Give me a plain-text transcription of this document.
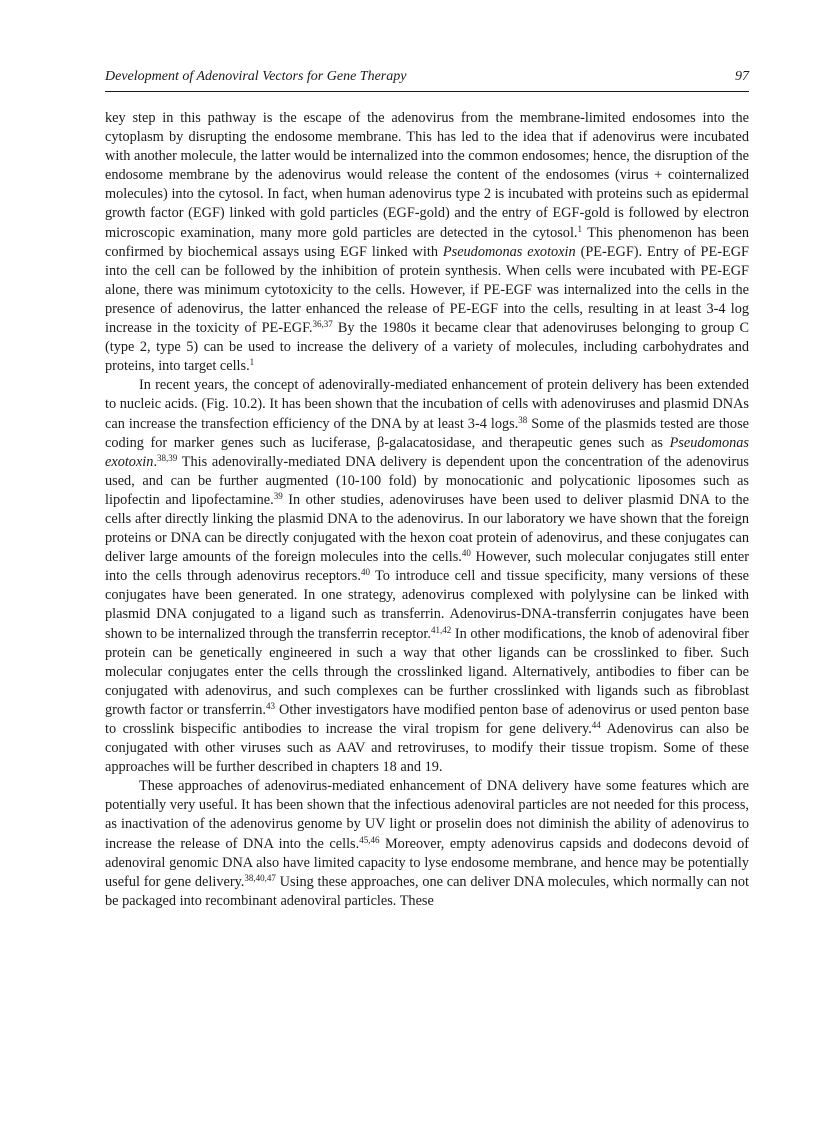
Development of Adenoviral Vectors for Gene Therapy	97

key step in this pathway is the escape of the adenovirus from the membrane-limited endosomes into the cytoplasm by disrupting the endosome membrane. This has led to the idea that if adenovirus were incubated with another molecule, the latter would be internalized into the common endosomes; hence, the disruption of the endosome membrane by the adenovirus would release the content of the endosomes (virus + cointernalized molecules) into the cytosol. In fact, when human adenovirus type 2 is incubated with proteins such as epidermal growth factor (EGF) linked with gold particles (EGF-gold) and the entry of EGF-gold is followed by electron microscopic examination, many more gold particles are detected in the cytosol.$^1$ This phenomenon has been confirmed by biochemical assays using EGF linked with Pseudomonas exotoxin (PE-EGF). Entry of PE-EGF into the cell can be followed by the inhibition of protein synthesis. When cells were incubated with PE-EGF alone, there was minimum cytotoxicity to the cells. However, if PE-EGF was internalized into the cells in the presence of adenovirus, the latter enhanced the release of PE-EGF into the cells, resulting in at least 3-4 log increase in the toxicity of PE-EGF.$^{36,37}$ By the 1980s it became clear that adenoviruses belonging to group C (type 2, type 5) can be used to increase the delivery of a variety of molecules, including carbohydrates and proteins, into target cells.$^1$

In recent years, the concept of adenovirally-mediated enhancement of protein delivery has been extended to nucleic acids. (Fig. 10.2). It has been shown that the incubation of cells with adenoviruses and plasmid DNAs can increase the transfection efficiency of the DNA by at least 3-4 logs.$^{38}$ Some of the plasmids tested are those coding for marker genes such as luciferase, β-galacatosidase, and therapeutic genes such as Pseudomonas exotoxin.$^{38,39}$ This adenovirally-mediated DNA delivery is dependent upon the concentration of the adenovirus used, and can be further augmented (10-100 fold) by monocationic and polycationic liposomes such as lipofectin and lipofectamine.$^{39}$ In other studies, adenoviruses have been used to deliver plasmid DNA to the cells after directly linking the plasmid DNA to the adenovirus. In our laboratory we have shown that the foreign proteins or DNA can be directly conjugated with the hexon coat protein of adenovirus, and these conjugates can deliver large amounts of the foreign molecules into the cells.$^{40}$ However, such molecular conjugates still enter into the cells through adenovirus receptors.$^{40}$ To introduce cell and tissue specificity, many versions of these conjugates have been generated. In one strategy, adenovirus complexed with polylysine can be linked with plasmid DNA conjugated to a ligand such as transferrin. Adenovirus-DNA-transferrin conjugates have been shown to be internalized through the transferrin receptor.$^{41,42}$ In other modifications, the knob of adenoviral fiber protein can be genetically engineered in such a way that other ligands can be crosslinked to fiber. Such molecular conjugates enter the cells through the crosslinked ligand. Alternatively, antibodies to fiber can be conjugated with adenovirus, and such complexes can be further crosslinked with ligands such as fibroblast growth factor or transferrin.$^{43}$ Other investigators have modified penton base of adenovirus or used penton base to crosslink bispecific antibodies to increase the viral tropism for gene delivery.$^{44}$ Adenovirus can also be conjugated with other viruses such as AAV and retroviruses, to modify their tissue tropism. Some of these approaches will be further described in chapters 18 and 19.

These approaches of adenovirus-mediated enhancement of DNA delivery have some features which are potentially very useful. It has been shown that the infectious adenoviral particles are not needed for this process, as inactivation of the adenovirus genome by UV light or proselin does not diminish the ability of adenovirus to increase the release of DNA into the cells.$^{45,46}$ Moreover, empty adenovirus capsids and dodecons devoid of adenoviral genomic DNA also have limited capacity to lyse endosome membrane, and hence may be potentially useful for gene delivery.$^{38,40,47}$ Using these approaches, one can deliver DNA molecules, which normally can not be packaged into recombinant adenoviral particles. These
